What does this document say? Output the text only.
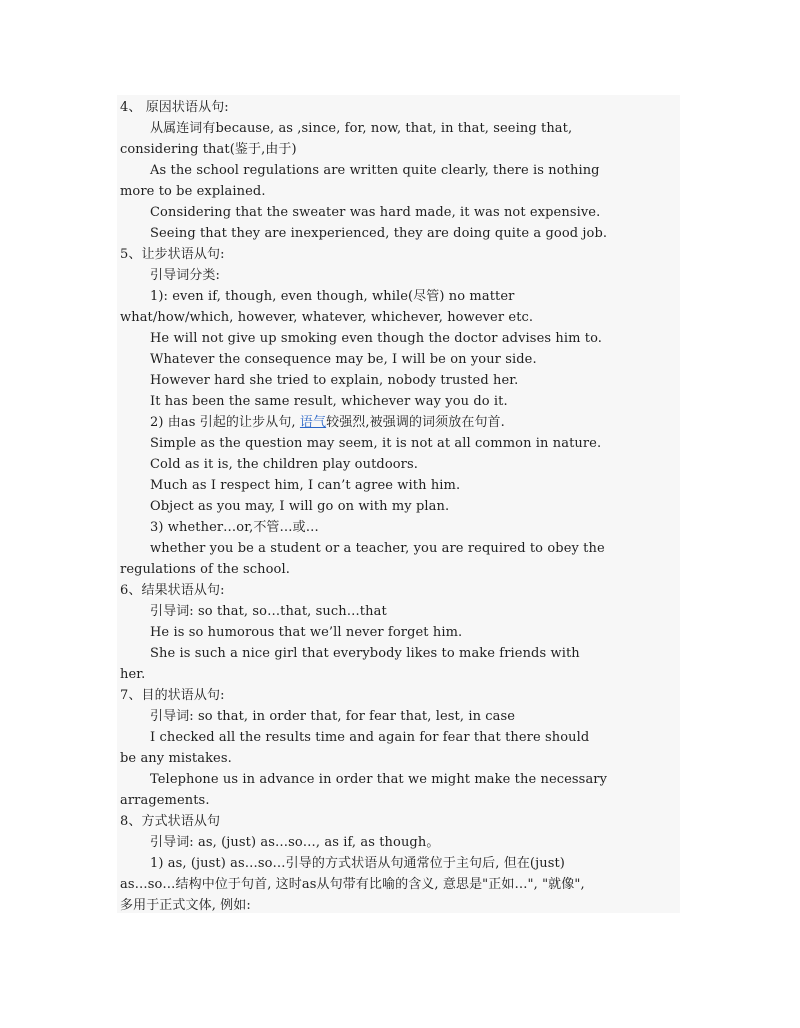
4、 原因状语从句:
从属连词有because, as ,since, for, now, that, in that, seeing that,
considering that(鉴于,由于)
As the school regulations are written quite clearly, there is nothing
more to be explained.
Considering that the sweater was hard made, it was not expensive.
Seeing that they are inexperienced, they are doing quite a good job.
5、让步状语从句:
引导词分类:
1): even if, though, even though, while(尽管) no matter
what/how/which, however, whatever, whichever, however etc.
He will not give up smoking even though the doctor advises him to.
Whatever the consequence may be, I will be on your side.
However hard she tried to explain, nobody trusted her.
It has been the same result, whichever way you do it.
2) 由as 引起的让步从句, 语气较强烈,被强调的词须放在句首.
Simple as the question may seem, it is not at all common in nature.
Cold as it is, the children play outdoors.
Much as I respect him, I can’t agree with him.
Object as you may, I will go on with my plan.
3) whether…or,不管…或…
whether you be a student or a teacher, you are required to obey the
regulations of the school.
6、结果状语从句:
引导词: so that, so…that, such…that
He is so humorous that we’ll never forget him.
She is such a nice girl that everybody likes to make friends with
her.
7、目的状语从句:
引导词: so that, in order that, for fear that, lest, in case
I checked all the results time and again for fear that there should
be any mistakes.
Telephone us in advance in order that we might make the necessary
arragements.
8、方式状语从句
引导词: as, (just) as…so…, as if, as though。
1) as, (just) as…so…引导的方式状语从句通常位于主句后, 但在(just)
as…so…结构中位于句首, 这时as从句带有比喻的含义, 意思是"正如…", "就像",
多用于正式文体, 例如:
